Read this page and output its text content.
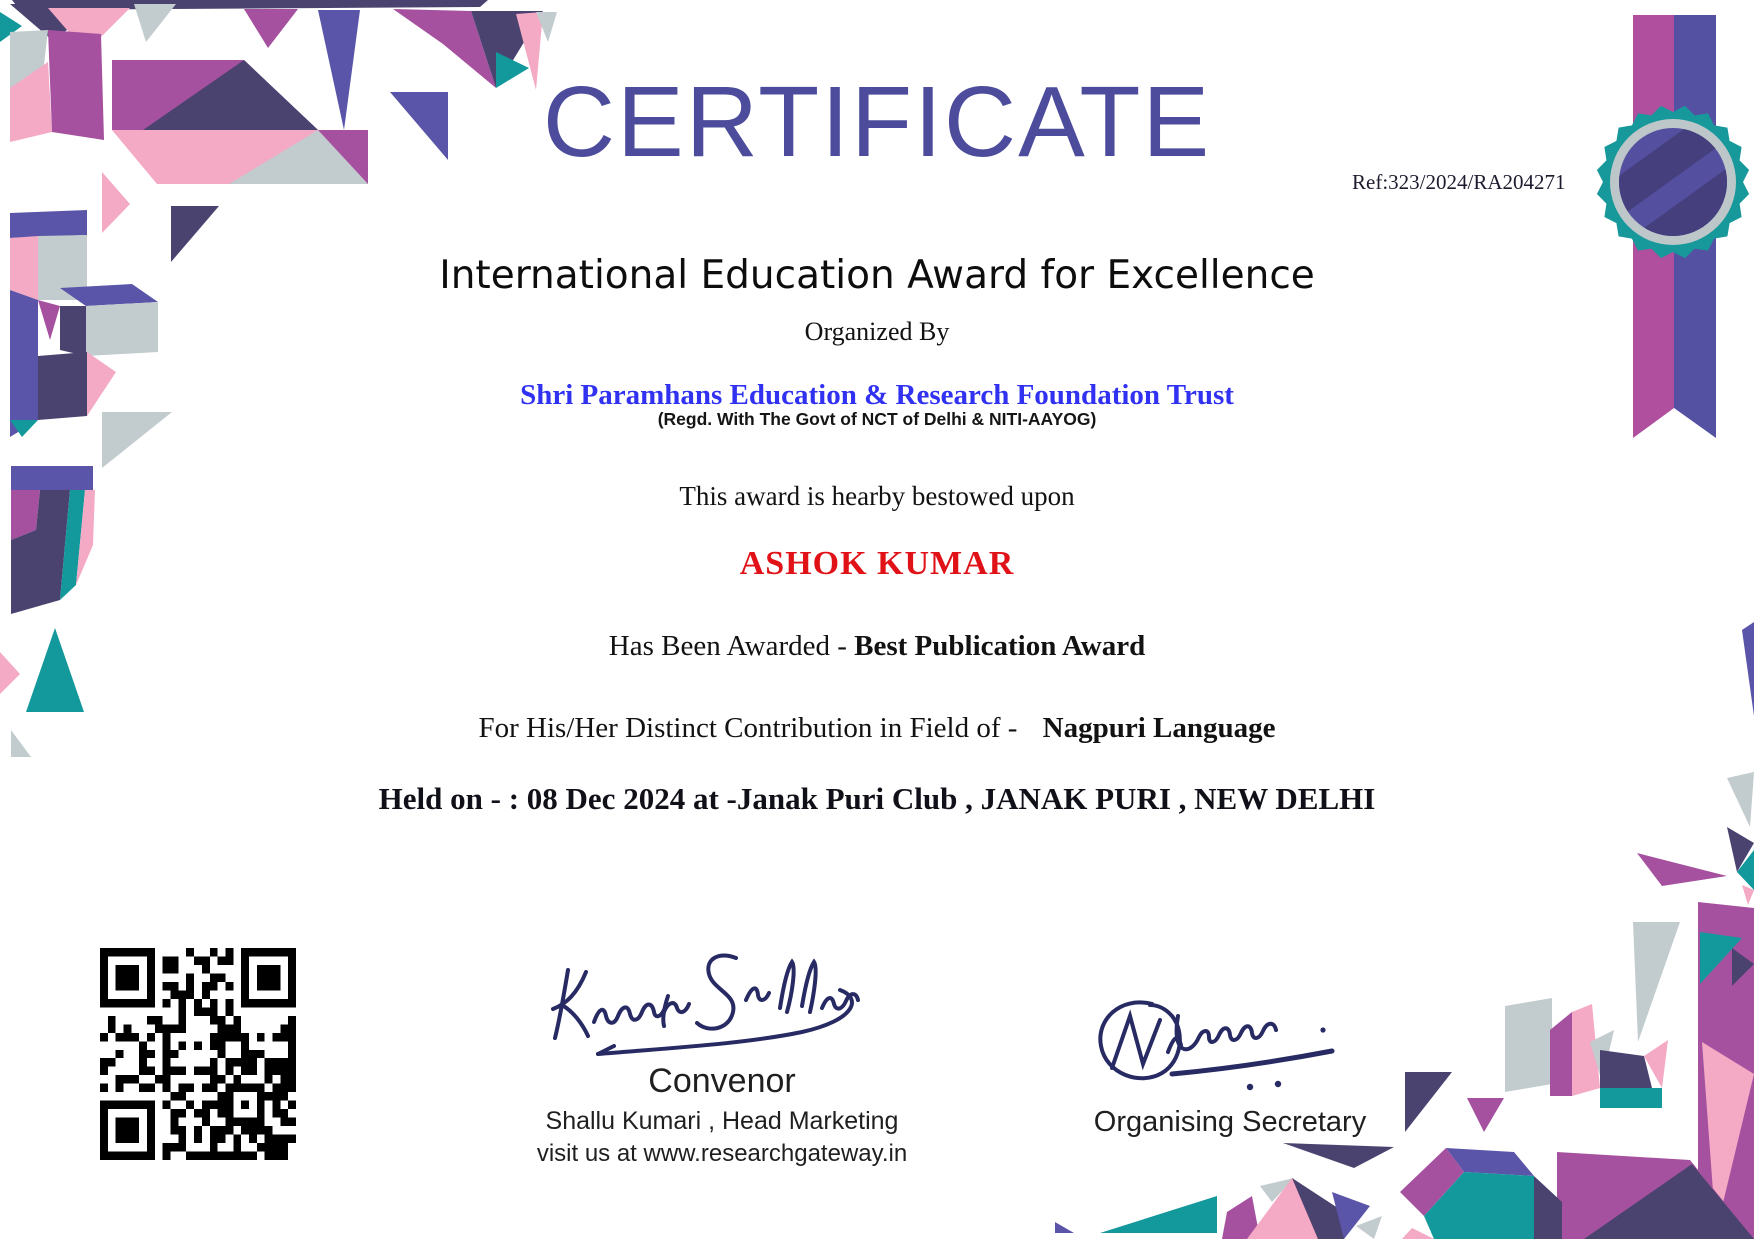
CERTIFICATE
Ref:323/2024/RA204271
International Education Award for Excellence
Organized By
Shri Paramhans Education & Research Foundation Trust
(Regd. With The Govt of NCT of Delhi & NITI-AAYOG)
This award is hearby bestowed upon
ASHOK KUMAR
Has Been Awarded - Best Publication Award
For His/Her Distinct Contribution in Field of - Nagpuri Language
Held on - : 08 Dec 2024 at -Janak Puri Club , JANAK PURI , NEW DELHI
Convenor
Shallu Kumari , Head Marketing
visit us at www.researchgateway.in
Organising Secretary
